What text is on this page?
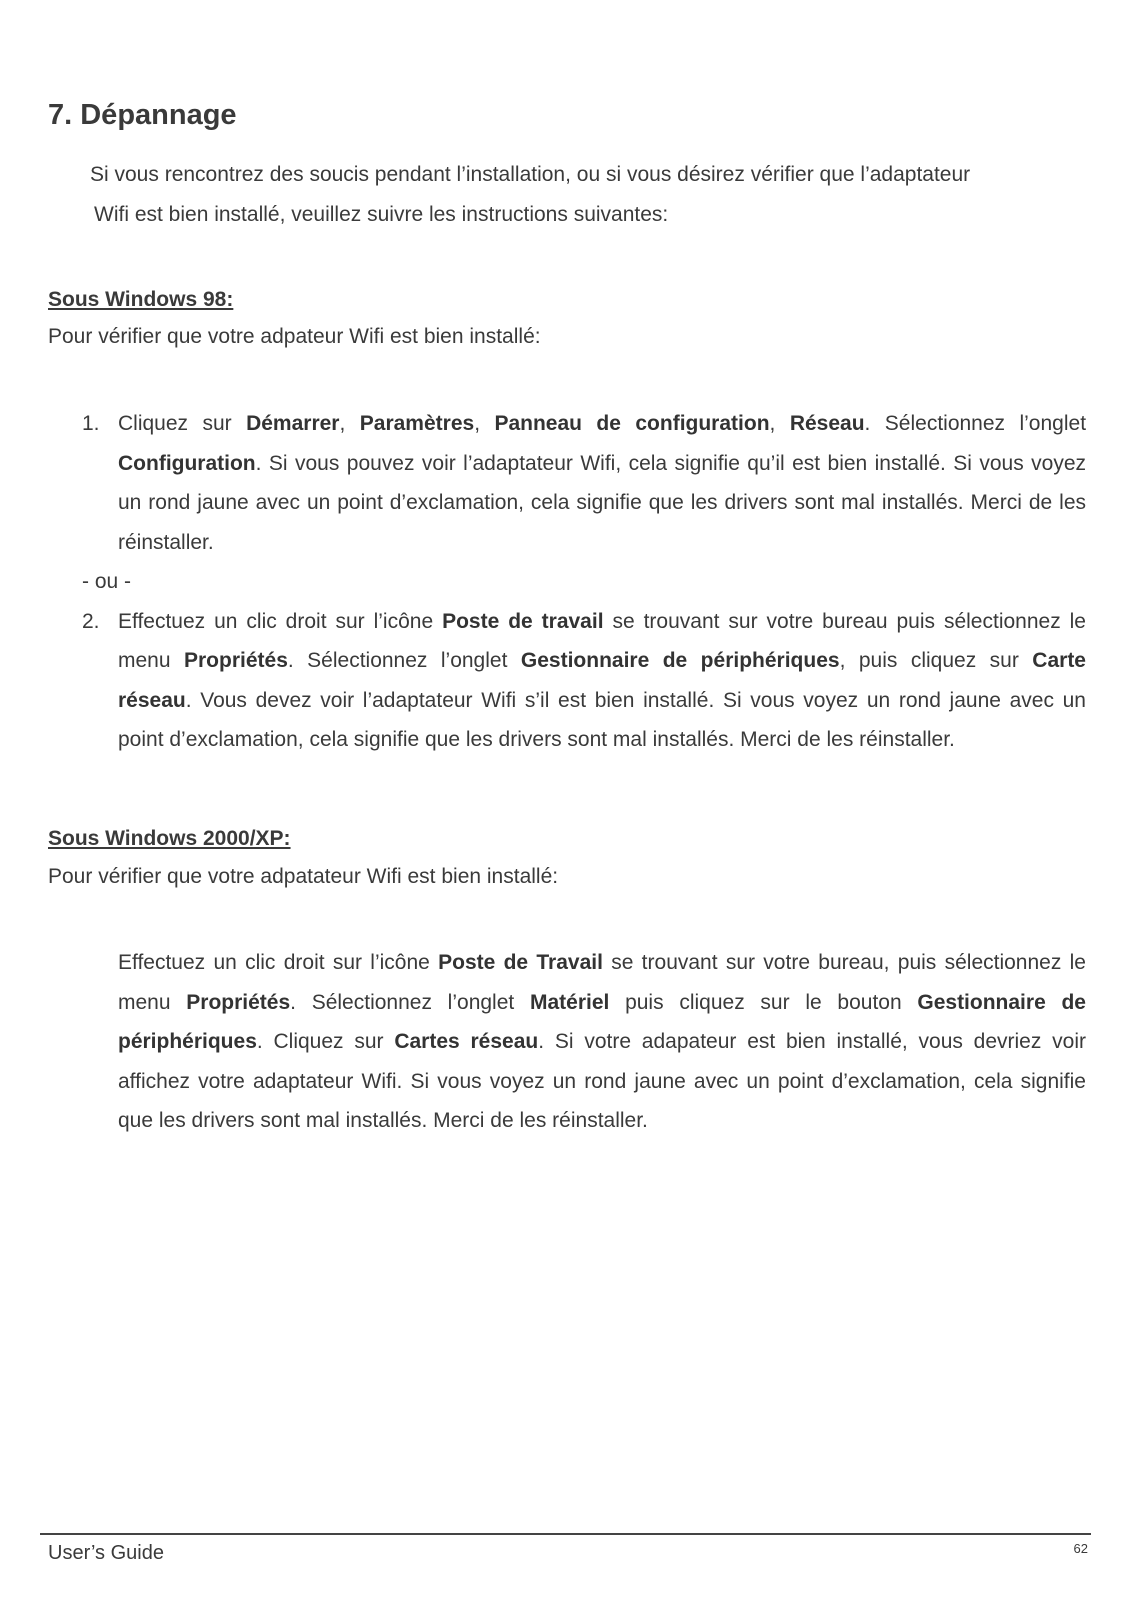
7. Dépannage

Si vous rencontrez des soucis pendant l’installation, ou si vous désirez vérifier que l’adaptateur
Wifi est bien installé, veuillez suivre les instructions suivantes:

Sous Windows 98:

Pour vérifier que votre adpateur Wifi est bien installé:

1. Cliquez sur Démarrer, Paramètres, Panneau de configuration, Réseau. Sélectionnez l’onglet Configuration. Si vous pouvez voir l’adaptateur Wifi, cela signifie qu’il est bien installé. Si vous voyez un rond jaune avec un point d’exclamation, cela signifie que les drivers sont mal installés. Merci de les réinstaller.
- ou -
2. Effectuez un clic droit sur l’icône Poste de travail se trouvant sur votre bureau puis sélectionnez le menu Propriétés. Sélectionnez l’onglet Gestionnaire de périphériques, puis cliquez sur Carte réseau. Vous devez voir l’adaptateur Wifi s’il est bien installé. Si vous voyez un rond jaune avec un point d’exclamation, cela signifie que les drivers sont mal installés. Merci de les réinstaller.
Sous Windows 2000/XP:

Pour vérifier que votre adpatateur Wifi est bien installé:

Effectuez un clic droit sur l’icône Poste de Travail se trouvant sur votre bureau, puis sélectionnez le menu Propriétés. Sélectionnez l’onglet Matériel puis cliquez sur le bouton Gestionnaire de périphériques. Cliquez sur Cartes réseau. Si votre adapateur est bien installé, vous devriez voir affichez votre adaptateur Wifi. Si vous voyez un rond jaune avec un point d’exclamation, cela signifie que les drivers sont mal installés. Merci de les réinstaller.

User’s Guide	62
